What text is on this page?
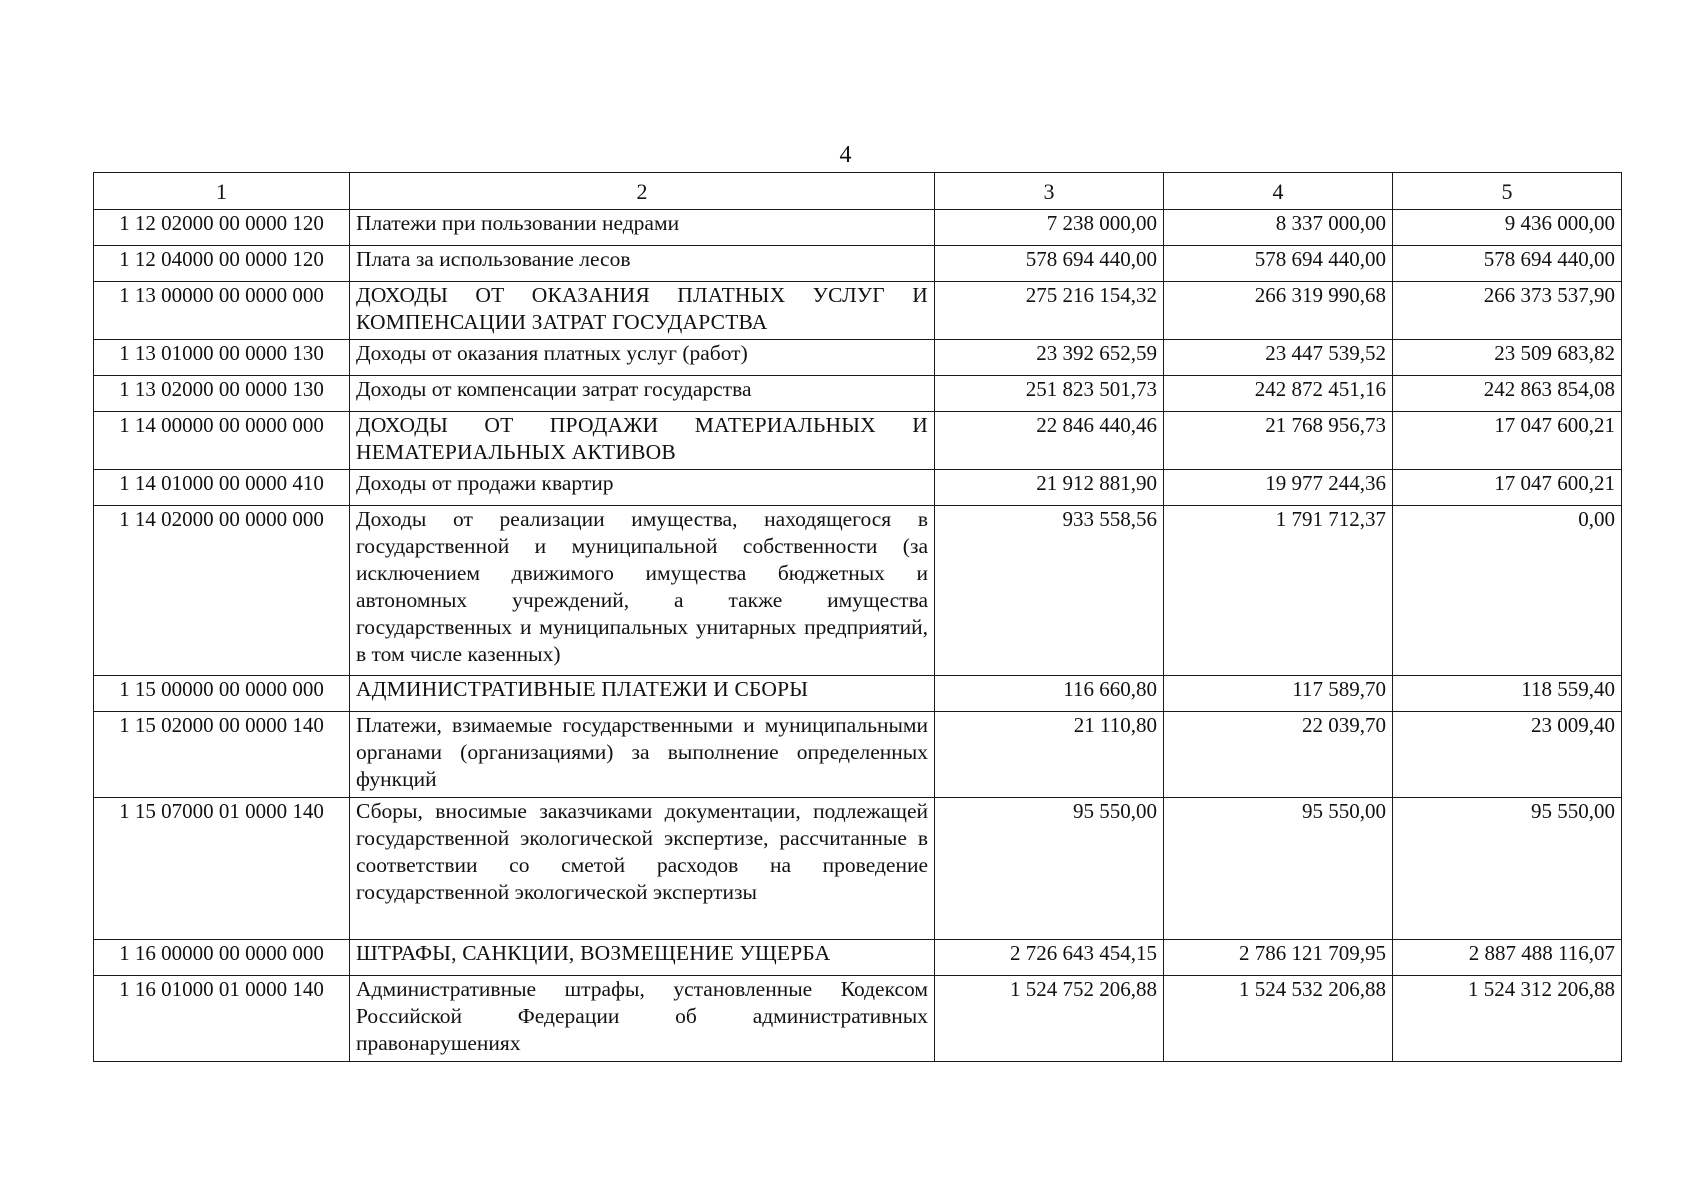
4
1	2	3	4	5
1 12 02000 00 0000 120	Платежи при пользовании недрами	7 238 000,00	8 337 000,00	9 436 000,00
1 12 04000 00 0000 120	Плата за использование лесов	578 694 440,00	578 694 440,00	578 694 440,00
1 13 00000 00 0000 000	ДОХОДЫ ОТ ОКАЗАНИЯ ПЛАТНЫХ УСЛУГ И КОМПЕНСАЦИИ ЗАТРАТ ГОСУДАРСТВА	275 216 154,32	266 319 990,68	266 373 537,90
1 13 01000 00 0000 130	Доходы от оказания платных услуг (работ)	23 392 652,59	23 447 539,52	23 509 683,82
1 13 02000 00 0000 130	Доходы от компенсации затрат государства	251 823 501,73	242 872 451,16	242 863 854,08
1 14 00000 00 0000 000	ДОХОДЫ ОТ ПРОДАЖИ МАТЕРИАЛЬНЫХ И НЕМАТЕРИАЛЬНЫХ АКТИВОВ	22 846 440,46	21 768 956,73	17 047 600,21
1 14 01000 00 0000 410	Доходы от продажи квартир	21 912 881,90	19 977 244,36	17 047 600,21
1 14 02000 00 0000 000	Доходы от реализации имущества, находящегося в государственной и муниципальной собственности (за исключением движимого имущества бюджетных и автономных учреждений, а также имущества государственных и муниципальных унитарных предприятий, в том числе казенных)	933 558,56	1 791 712,37	0,00
1 15 00000 00 0000 000	АДМИНИСТРАТИВНЫЕ ПЛАТЕЖИ И СБОРЫ	116 660,80	117 589,70	118 559,40
1 15 02000 00 0000 140	Платежи, взимаемые государственными и муниципальными органами (организациями) за выполнение определенных функций	21 110,80	22 039,70	23 009,40
1 15 07000 01 0000 140	Сборы, вносимые заказчиками документации, подлежащей государственной экологической экспертизе, рассчитанные в соответствии со сметой расходов на проведение государственной экологической экспертизы	95 550,00	95 550,00	95 550,00
1 16 00000 00 0000 000	ШТРАФЫ, САНКЦИИ, ВОЗМЕЩЕНИЕ УЩЕРБА	2 726 643 454,15	2 786 121 709,95	2 887 488 116,07
1 16 01000 01 0000 140	Административные штрафы, установленные Кодексом Российской Федерации об административных правонарушениях	1 524 752 206,88	1 524 532 206,88	1 524 312 206,88
